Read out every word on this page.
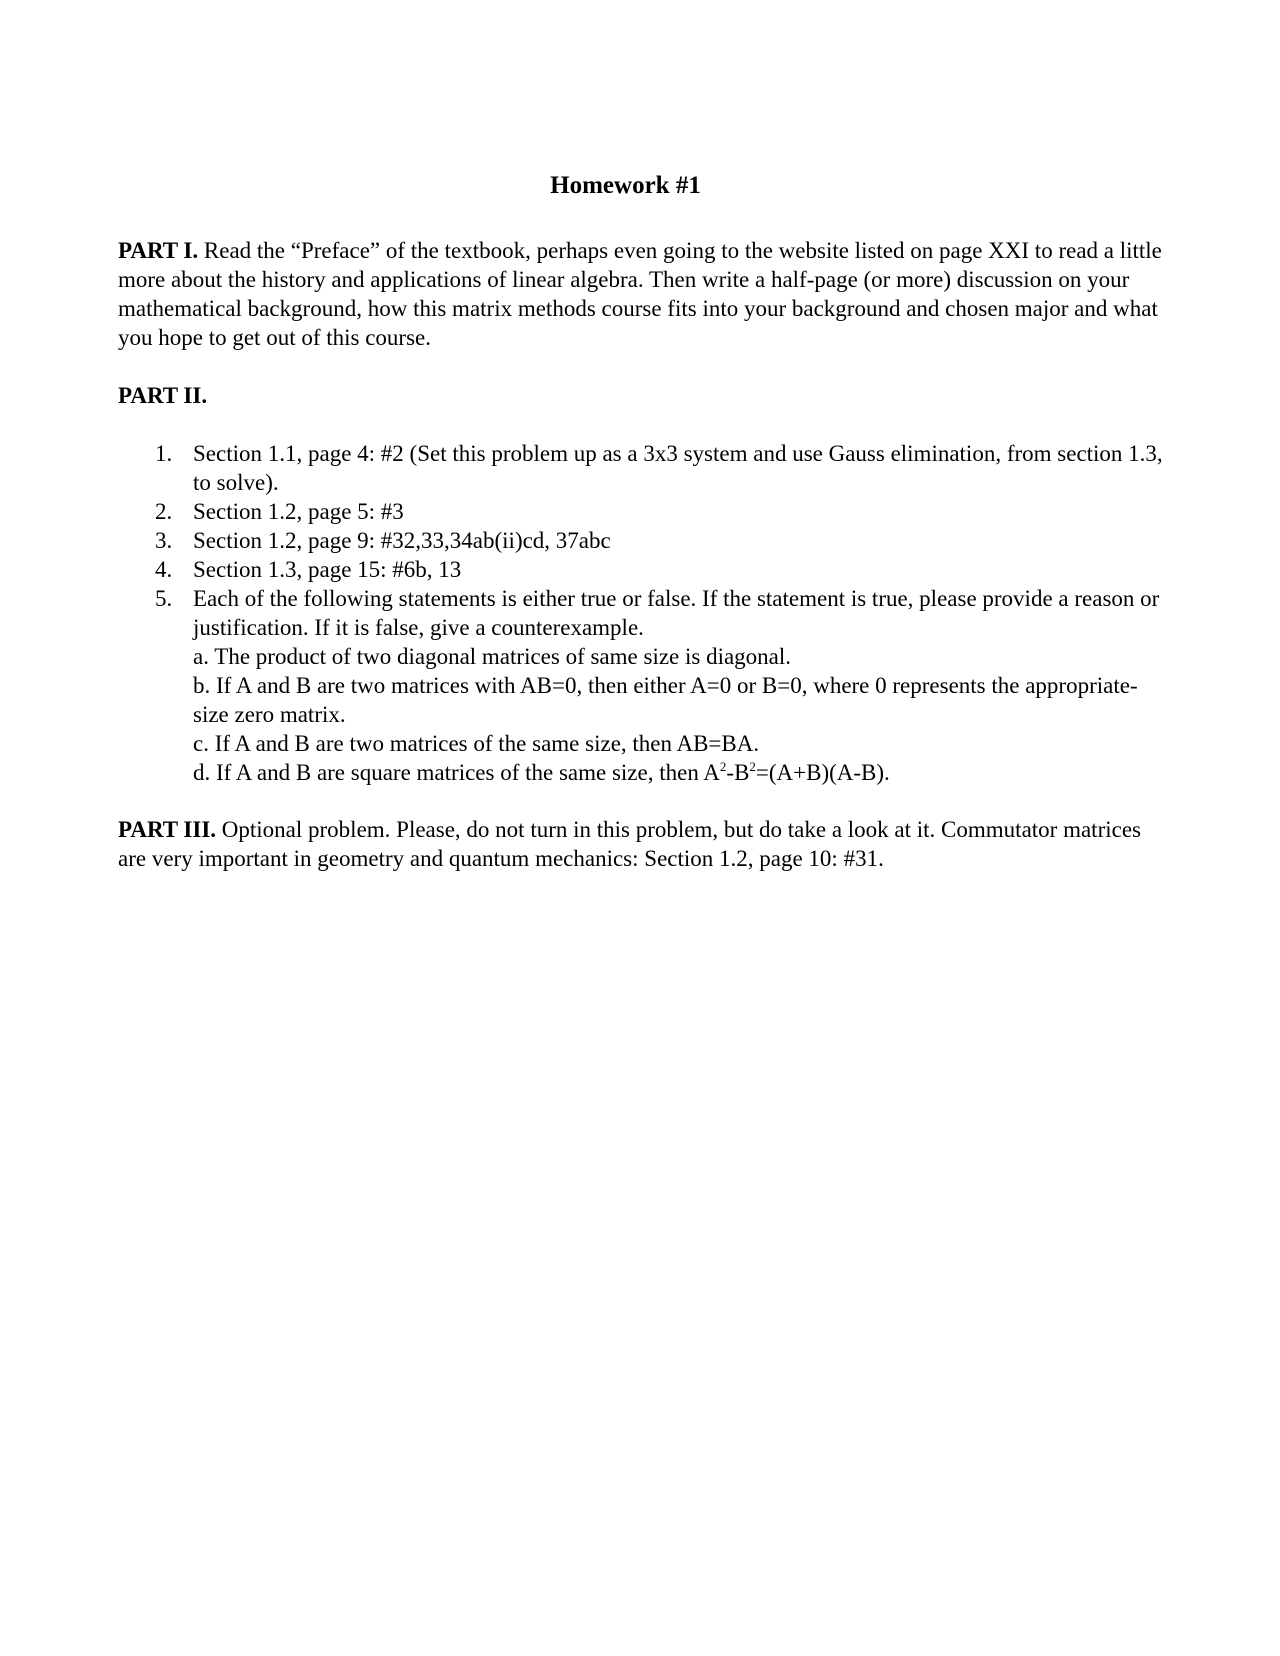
Homework #1

PART I. Read the “Preface” of the textbook, perhaps even going to the website listed on page XXI to read a little more about the history and applications of linear algebra. Then write a half-page (or more) discussion on your mathematical background, how this matrix methods course fits into your background and chosen major and what you hope to get out of this course.

PART II.
1. Section 1.1, page 4: #2 (Set this problem up as a 3x3 system and use Gauss elimination, from section 1.3, to solve).
2. Section 1.2, page 5: #3
3. Section 1.2, page 9: #32,33,34ab(ii)cd, 37abc
4. Section 1.3, page 15: #6b, 13
5. Each of the following statements is either true or false. If the statement is true, please provide a reason or justification. If it is false, give a counterexample.
a. The product of two diagonal matrices of same size is diagonal.
b. If A and B are two matrices with AB=0, then either A=0 or B=0, where 0 represents the appropriate-size zero matrix.
c. If A and B are two matrices of the same size, then AB=BA.
d. If A and B are square matrices of the same size, then $A^2-B^2=(A+B)(A-B)$.

PART III. Optional problem. Please, do not turn in this problem, but do take a look at it. Commutator matrices are very important in geometry and quantum mechanics: Section 1.2, page 10: #31.
